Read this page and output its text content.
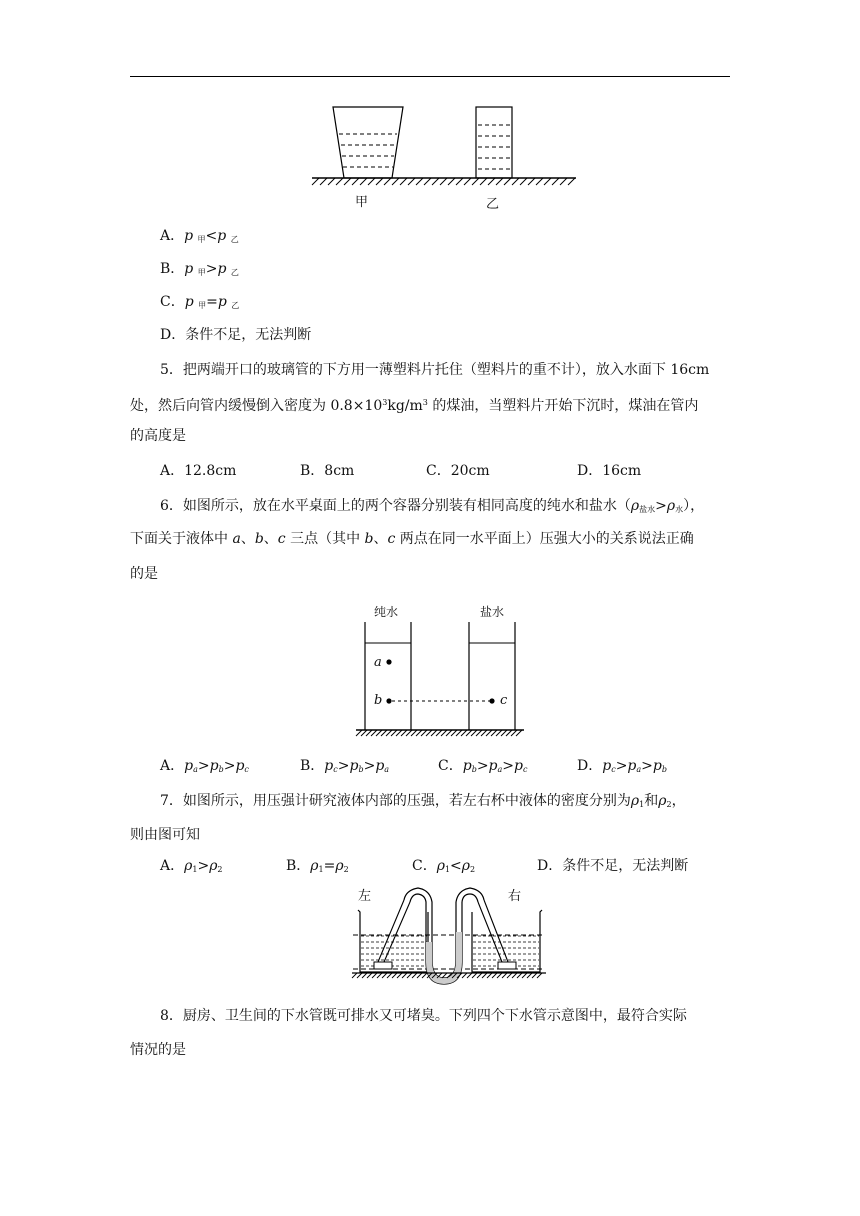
甲	乙
A．p $_甲$<p $_乙$
B．p $_甲$>p $_乙$
C．p $_甲$=p $_乙$
D．条件不足，无法判断
5．把两端开口的玻璃管的下方用一薄塑料片托住（塑料片的重不计），放入水面下 16cm
处，然后向管内缓慢倒入密度为 $0.8\times 10^3kg/m^3$ 的煤油，当塑料片开始下沉时，煤油在管内
的高度是
A．12.8cm	B．8cm	C．20cm	D．16cm
6．如图所示，放在水平桌面上的两个容器分别装有相同高度的纯水和盐水$(\rho_{盐水}>\rho_水)$，
下面关于液体中 a、b、c 三点（其中 b、c 两点在同一水平面上）压强大小的关系说法正确
的是
纯水	盐水
a
b	c
A．$p_a>p_b>p_c$	B．$p_c>p_b>p_a$	C．$p_b>p_a>p_c$	D．$p_c>p_a>p_b$
7．如图所示，用压强计研究液体内部的压强，若左右杯中液体的密度分别为$\rho_1$和$\rho_2$，
则由图可知
A．$\rho_1>\rho_2$	B．$\rho_1=\rho_2$	C．$\rho_1<\rho_2$	D．条件不足，无法判断
左	右
8．厨房、卫生间的下水管既可排水又可堵臭。下列四个下水管示意图中，最符合实际
情况的是
